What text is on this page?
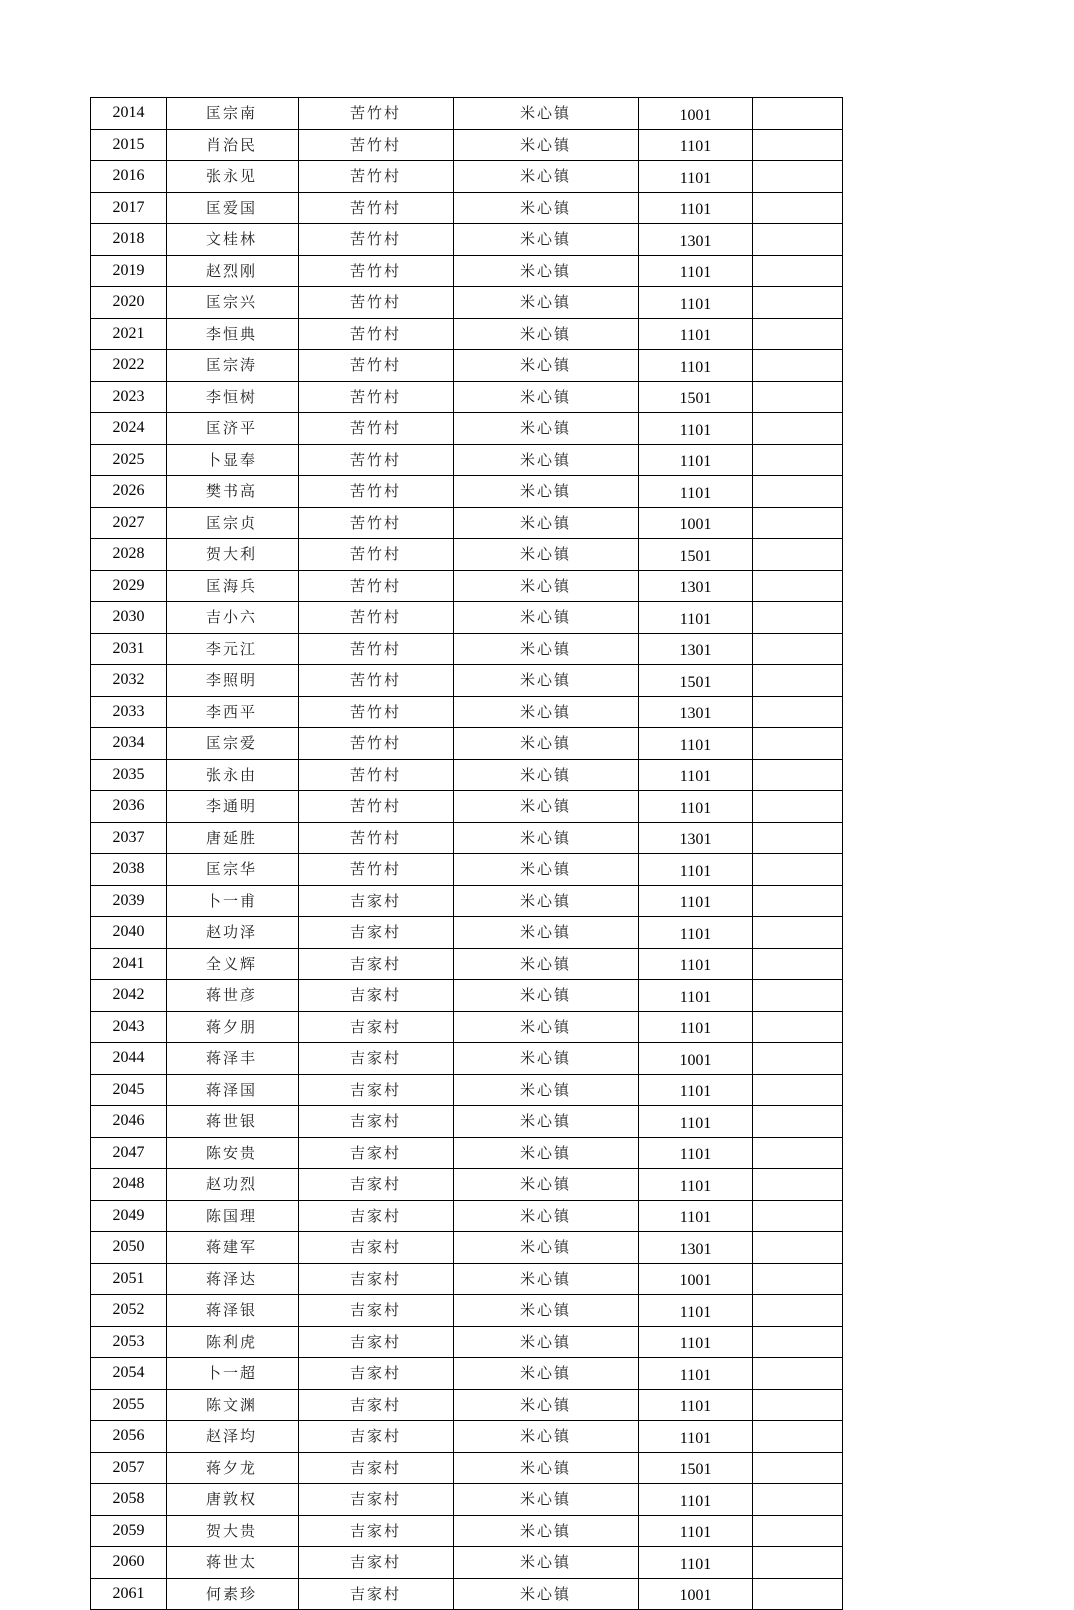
2014	匡宗南	苦竹村	米心镇	1001	
2015	肖治民	苦竹村	米心镇	1101	
2016	张永见	苦竹村	米心镇	1101	
2017	匡爱国	苦竹村	米心镇	1101	
2018	文桂林	苦竹村	米心镇	1301	
2019	赵烈刚	苦竹村	米心镇	1101	
2020	匡宗兴	苦竹村	米心镇	1101	
2021	李恒典	苦竹村	米心镇	1101	
2022	匡宗涛	苦竹村	米心镇	1101	
2023	李恒树	苦竹村	米心镇	1501	
2024	匡济平	苦竹村	米心镇	1101	
2025	卜显奉	苦竹村	米心镇	1101	
2026	樊书高	苦竹村	米心镇	1101	
2027	匡宗贞	苦竹村	米心镇	1001	
2028	贺大利	苦竹村	米心镇	1501	
2029	匡海兵	苦竹村	米心镇	1301	
2030	吉小六	苦竹村	米心镇	1101	
2031	李元江	苦竹村	米心镇	1301	
2032	李照明	苦竹村	米心镇	1501	
2033	李西平	苦竹村	米心镇	1301	
2034	匡宗爱	苦竹村	米心镇	1101	
2035	张永由	苦竹村	米心镇	1101	
2036	李通明	苦竹村	米心镇	1101	
2037	唐延胜	苦竹村	米心镇	1301	
2038	匡宗华	苦竹村	米心镇	1101	
2039	卜一甫	吉家村	米心镇	1101	
2040	赵功泽	吉家村	米心镇	1101	
2041	全义辉	吉家村	米心镇	1101	
2042	蒋世彦	吉家村	米心镇	1101	
2043	蒋夕朋	吉家村	米心镇	1101	
2044	蒋泽丰	吉家村	米心镇	1001	
2045	蒋泽国	吉家村	米心镇	1101	
2046	蒋世银	吉家村	米心镇	1101	
2047	陈安贵	吉家村	米心镇	1101	
2048	赵功烈	吉家村	米心镇	1101	
2049	陈国理	吉家村	米心镇	1101	
2050	蒋建军	吉家村	米心镇	1301	
2051	蒋泽达	吉家村	米心镇	1001	
2052	蒋泽银	吉家村	米心镇	1101	
2053	陈利虎	吉家村	米心镇	1101	
2054	卜一超	吉家村	米心镇	1101	
2055	陈文渊	吉家村	米心镇	1101	
2056	赵泽均	吉家村	米心镇	1101	
2057	蒋夕龙	吉家村	米心镇	1501	
2058	唐敦权	吉家村	米心镇	1101	
2059	贺大贵	吉家村	米心镇	1101	
2060	蒋世太	吉家村	米心镇	1101	
2061	何素珍	吉家村	米心镇	1001	
